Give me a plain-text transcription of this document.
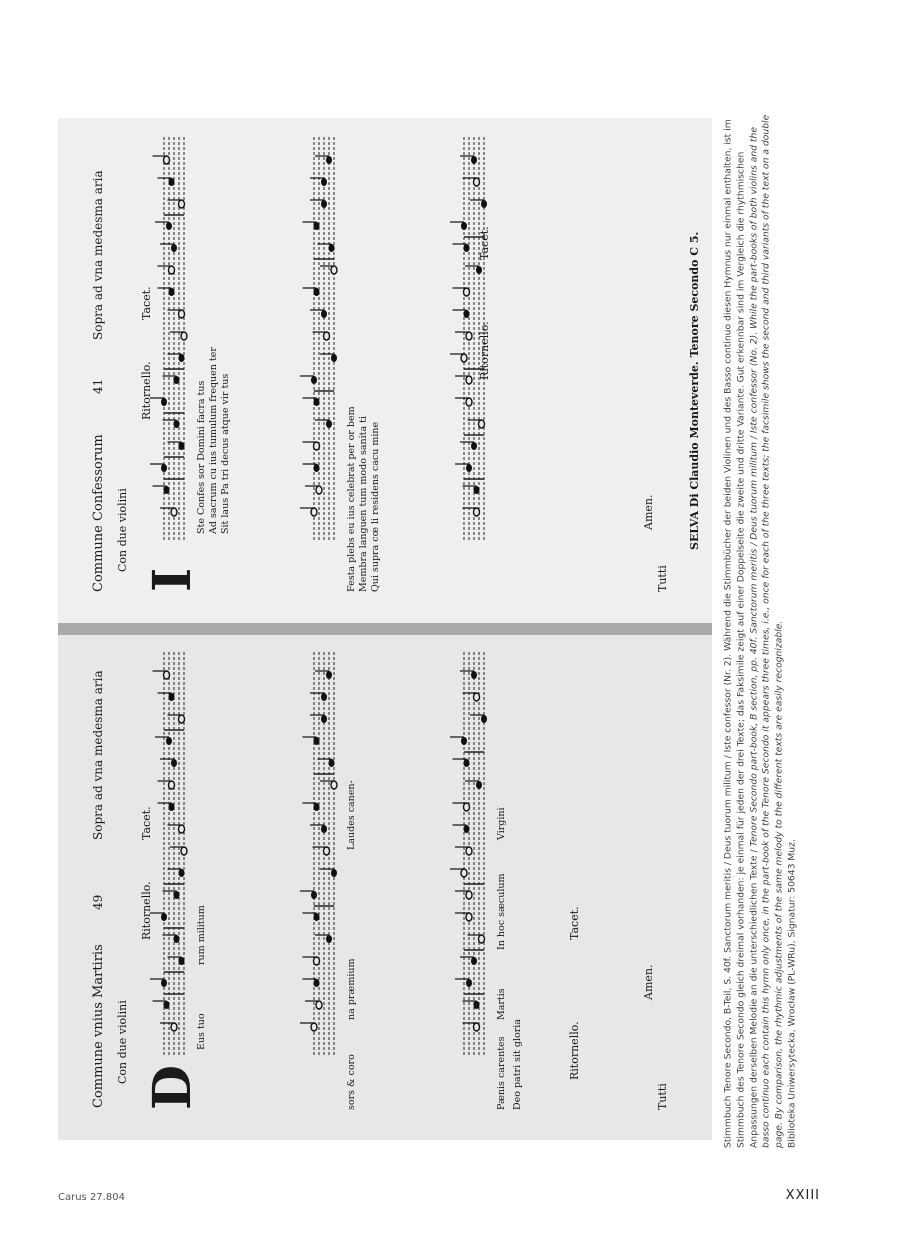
Commune vnius Martiris
49
Sopra ad vna medesma aria
Con due violini
D
Ritornello.
Tacet.
Tutti
Amen.
Eus tuo
rum militum
sors & coro
na præmium
Laudes canen-
Pænis carentes
Martis
In hoc sæculum
Virgini
Deo patri sit gloria	Ritornello.
Tacet.
Commune Confessorum
41
Sopra ad vna medesma aria
Con due violini
I
Ritornello.
Tacet.
Tutti
Amen.	SELVA Di Claudio Monteverde. Tenore Secondo C 5.
Ste Confes sor Domini facra tus Ad sacrum cu ius tumulum frequen ter Sit laus Pa tri decus atque vir tus	Festa plebs eu ius celebrat per or bem Membra languen tum modo sanita ti Qui supra cœ li residens cacu mine
Ritornello.
Tacet.	Stimmbuch Tenore Secondo, B-Teil, S. 40f. Sanctorum meritis / Deus tuorum militum / Iste confessor (Nr. 2). Während die Stimmbücher der beiden Violinen und des Basso continuo diesen Hymnus nur einmal enthalten, ist im Stimmbuch des Tenore Secondo gleich dreimal vorhanden: je einmal für jeden der drei Texte; das Faksimile zeigt auf einer Doppelseite die zweite und dritte Variante. Gut erkennbar sind im Vergleich die rhythmischen Anpassungen derselben Melodie an die unterschiedlichen Texte / Tenore Secondo part-book, B section, pp. 40f. Sanctorum meritis / Deus tuorum militum / Iste confessor (No. 2). While the part-books of both violins and the basso continuo each contain this hymn only once, in the part-book of the Tenore Secondo it appears three times, i.e., once for each of the three texts; the facsimile shows the second and third variants of the text on a double page. By comparison, the rhythmic adjustments of the same melody to the different texts are easily recognizable. Biblioteka Uniwersytecka, Wrocław (PL-WRu), Signatur: 50643 Muz.

Carus 27.804	XXIII
